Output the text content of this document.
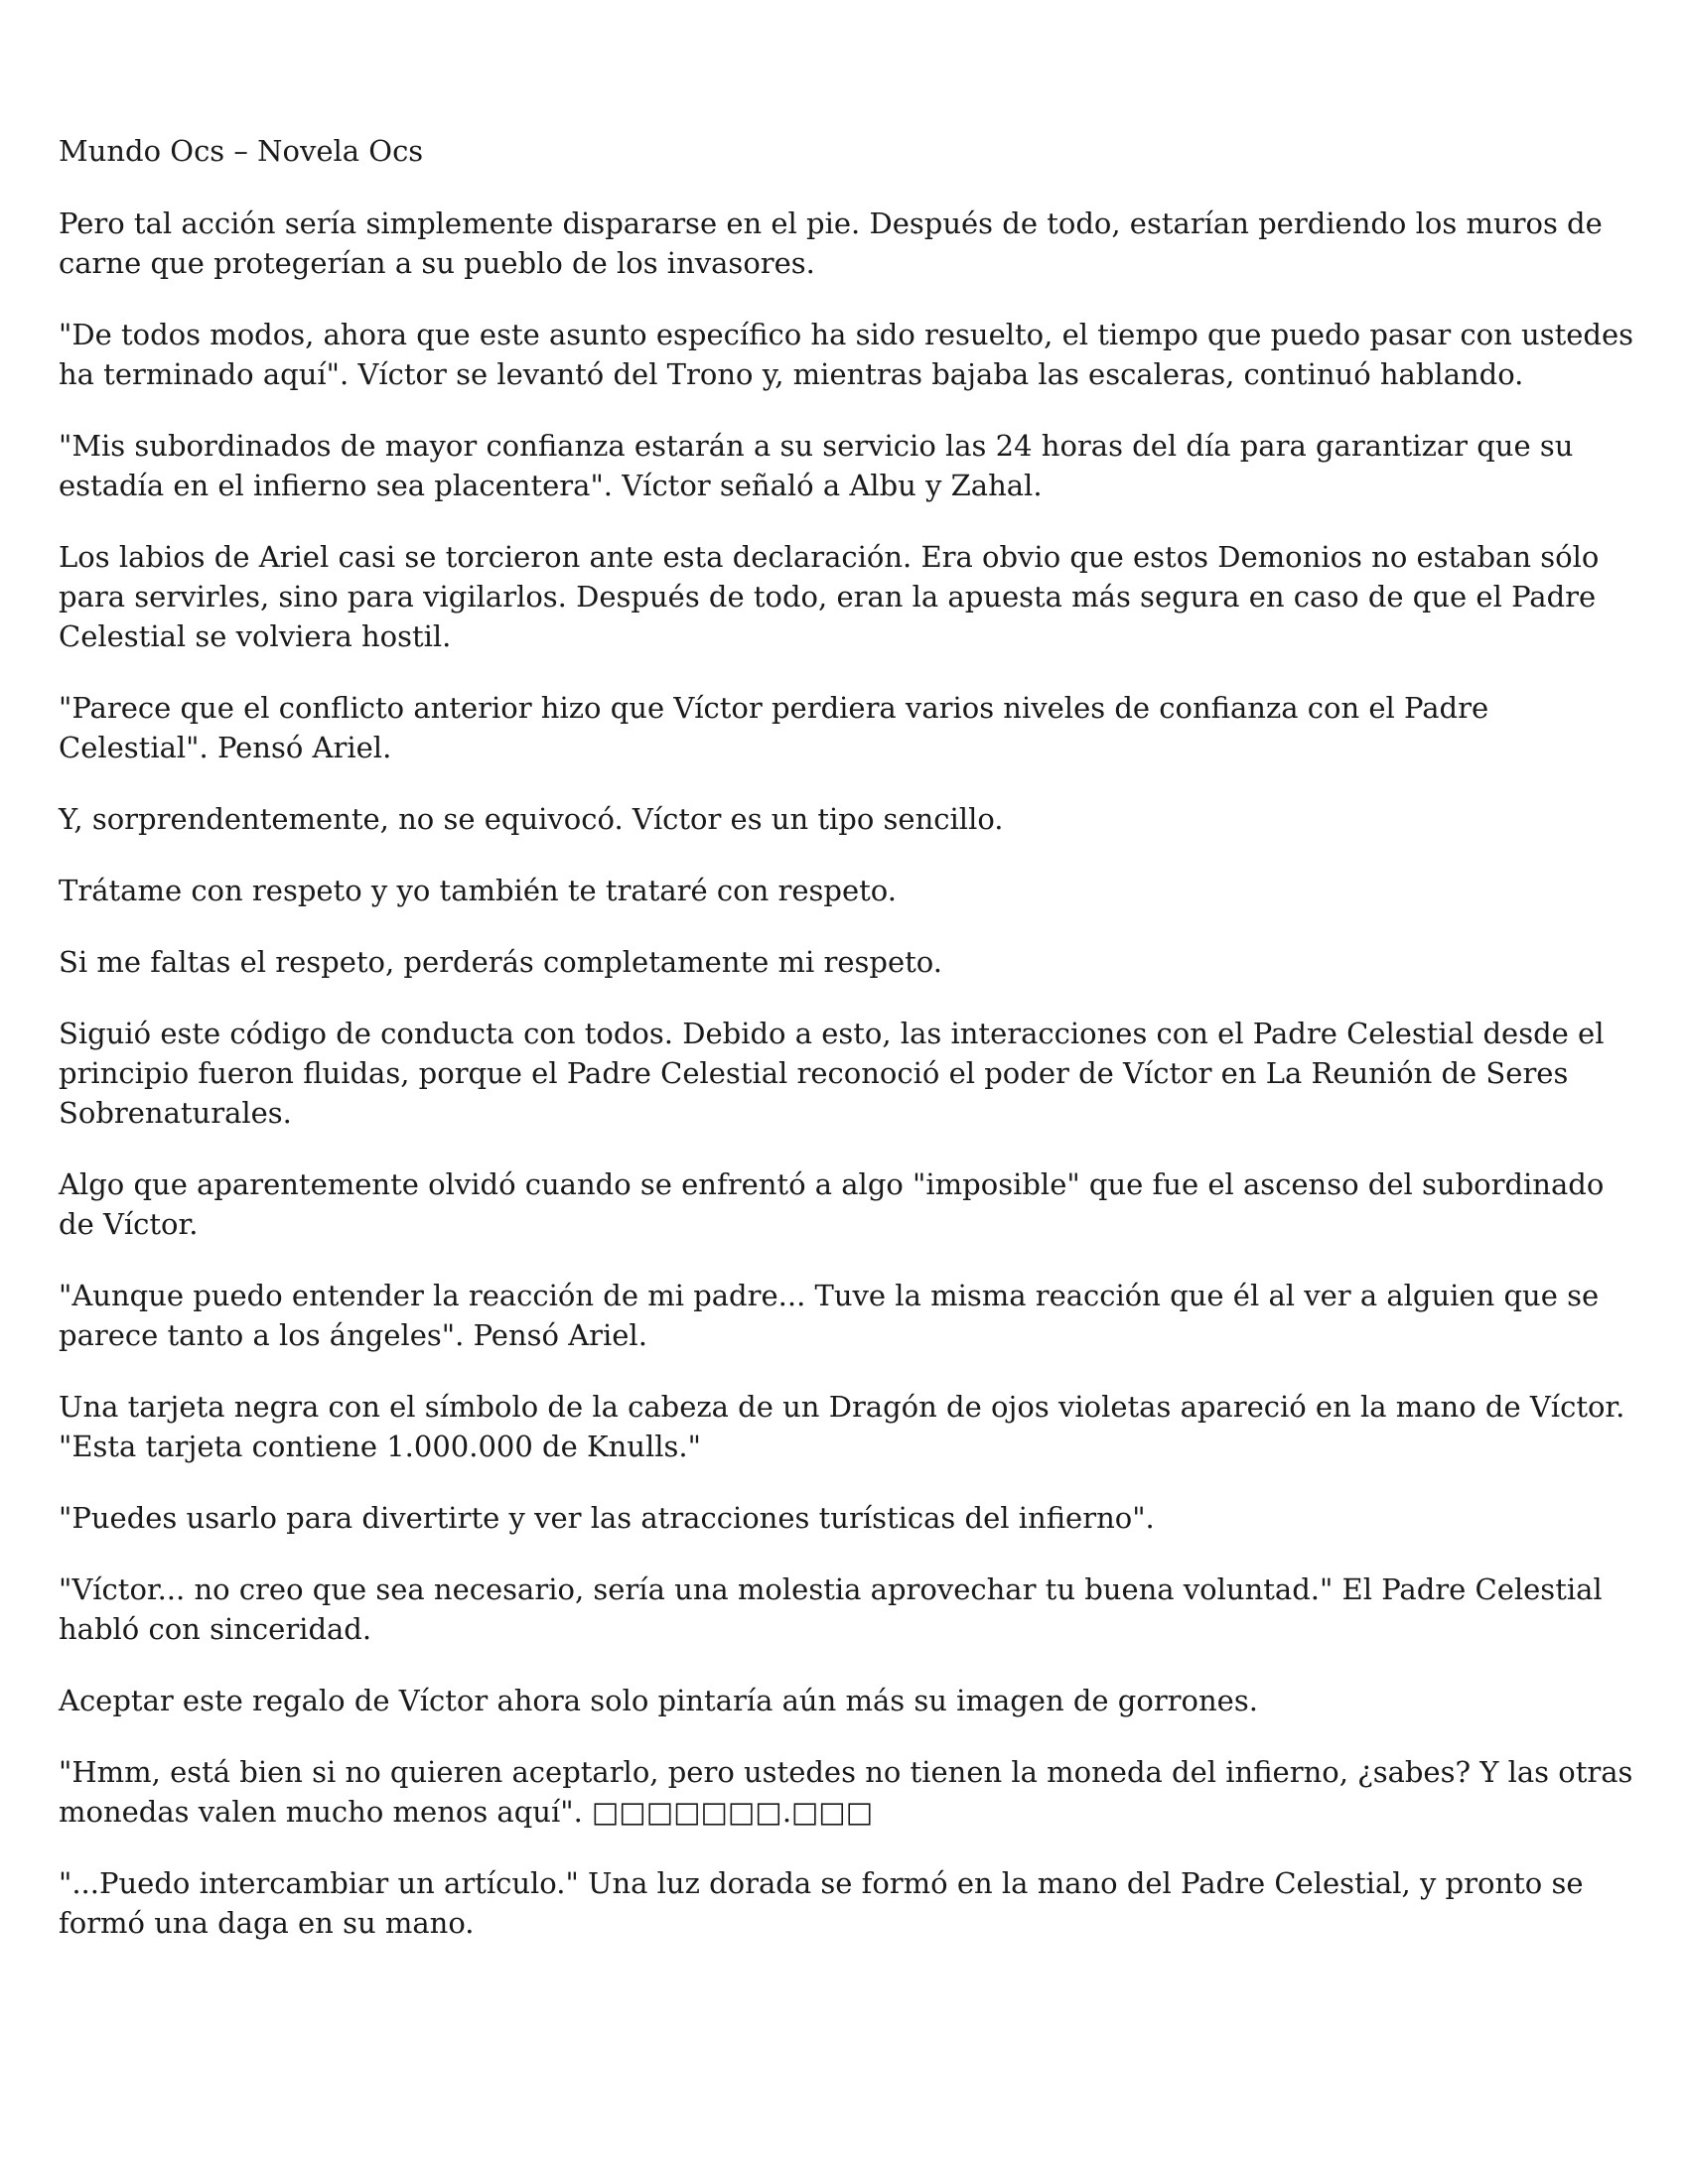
Mundo Ocs – Novela Ocs

Pero tal acción sería simplemente dispararse en el pie. Después de todo, estarían perdiendo los muros de carne que protegerían a su pueblo de los invasores.

"De todos modos, ahora que este asunto específico ha sido resuelto, el tiempo que puedo pasar con ustedes ha terminado aquí". Víctor se levantó del Trono y, mientras bajaba las escaleras, continuó hablando.

"Mis subordinados de mayor confianza estarán a su servicio las 24 horas del día para garantizar que su estadía en el infierno sea placentera". Víctor señaló a Albu y Zahal.

Los labios de Ariel casi se torcieron ante esta declaración. Era obvio que estos Demonios no estaban sólo para servirles, sino para vigilarlos. Después de todo, eran la apuesta más segura en caso de que el Padre Celestial se volviera hostil.

"Parece que el conflicto anterior hizo que Víctor perdiera varios niveles de confianza con el Padre Celestial". Pensó Ariel.

Y, sorprendentemente, no se equivocó. Víctor es un tipo sencillo.

Trátame con respeto y yo también te trataré con respeto.

Si me faltas el respeto, perderás completamente mi respeto.

Siguió este código de conducta con todos. Debido a esto, las interacciones con el Padre Celestial desde el principio fueron fluidas, porque el Padre Celestial reconoció el poder de Víctor en La Reunión de Seres Sobrenaturales.

Algo que aparentemente olvidó cuando se enfrentó a algo "imposible" que fue el ascenso del subordinado de Víctor.

"Aunque puedo entender la reacción de mi padre... Tuve la misma reacción que él al ver a alguien que se parece tanto a los ángeles". Pensó Ariel.

Una tarjeta negra con el símbolo de la cabeza de un Dragón de ojos violetas apareció en la mano de Víctor. "Esta tarjeta contiene 1.000.000 de Knulls."

"Puedes usarlo para divertirte y ver las atracciones turísticas del infierno".

"Víctor... no creo que sea necesario, sería una molestia aprovechar tu buena voluntad." El Padre Celestial habló con sinceridad.

Aceptar este regalo de Víctor ahora solo pintaría aún más su imagen de gorrones.

"Hmm, está bien si no quieren aceptarlo, pero ustedes no tienen la moneda del infierno, ¿sabes? Y las otras monedas valen mucho menos aquí". □□□□□□□.□□□

"...Puedo intercambiar un artículo." Una luz dorada se formó en la mano del Padre Celestial, y pronto se formó una daga en su mano.
